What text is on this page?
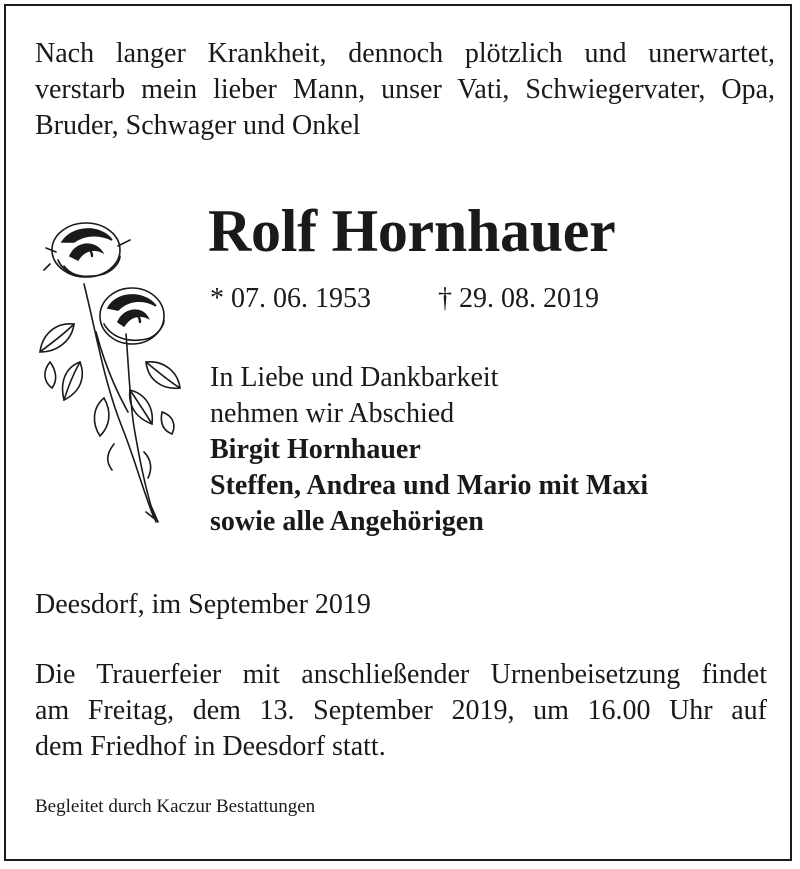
Nach langer Krankheit, dennoch plötzlich und unerwartet,
verstarb mein lieber Mann, unser Vati, Schwiegervater, Opa,
Bruder, Schwager und Onkel

Rolf Hornhauer
* 07. 06. 1953 † 29. 08. 2019

In Liebe und Dankbarkeit
nehmen wir Abschied
Birgit Hornhauer
Steffen, Andrea und Mario mit Maxi
sowie alle Angehörigen

Deesdorf, im September 2019

Die Trauerfeier mit anschließender Urnenbeisetzung findet
am Freitag, dem 13. September 2019, um 16.00 Uhr auf
dem Friedhof in Deesdorf statt.

Begleitet durch Kaczur Bestattungen
